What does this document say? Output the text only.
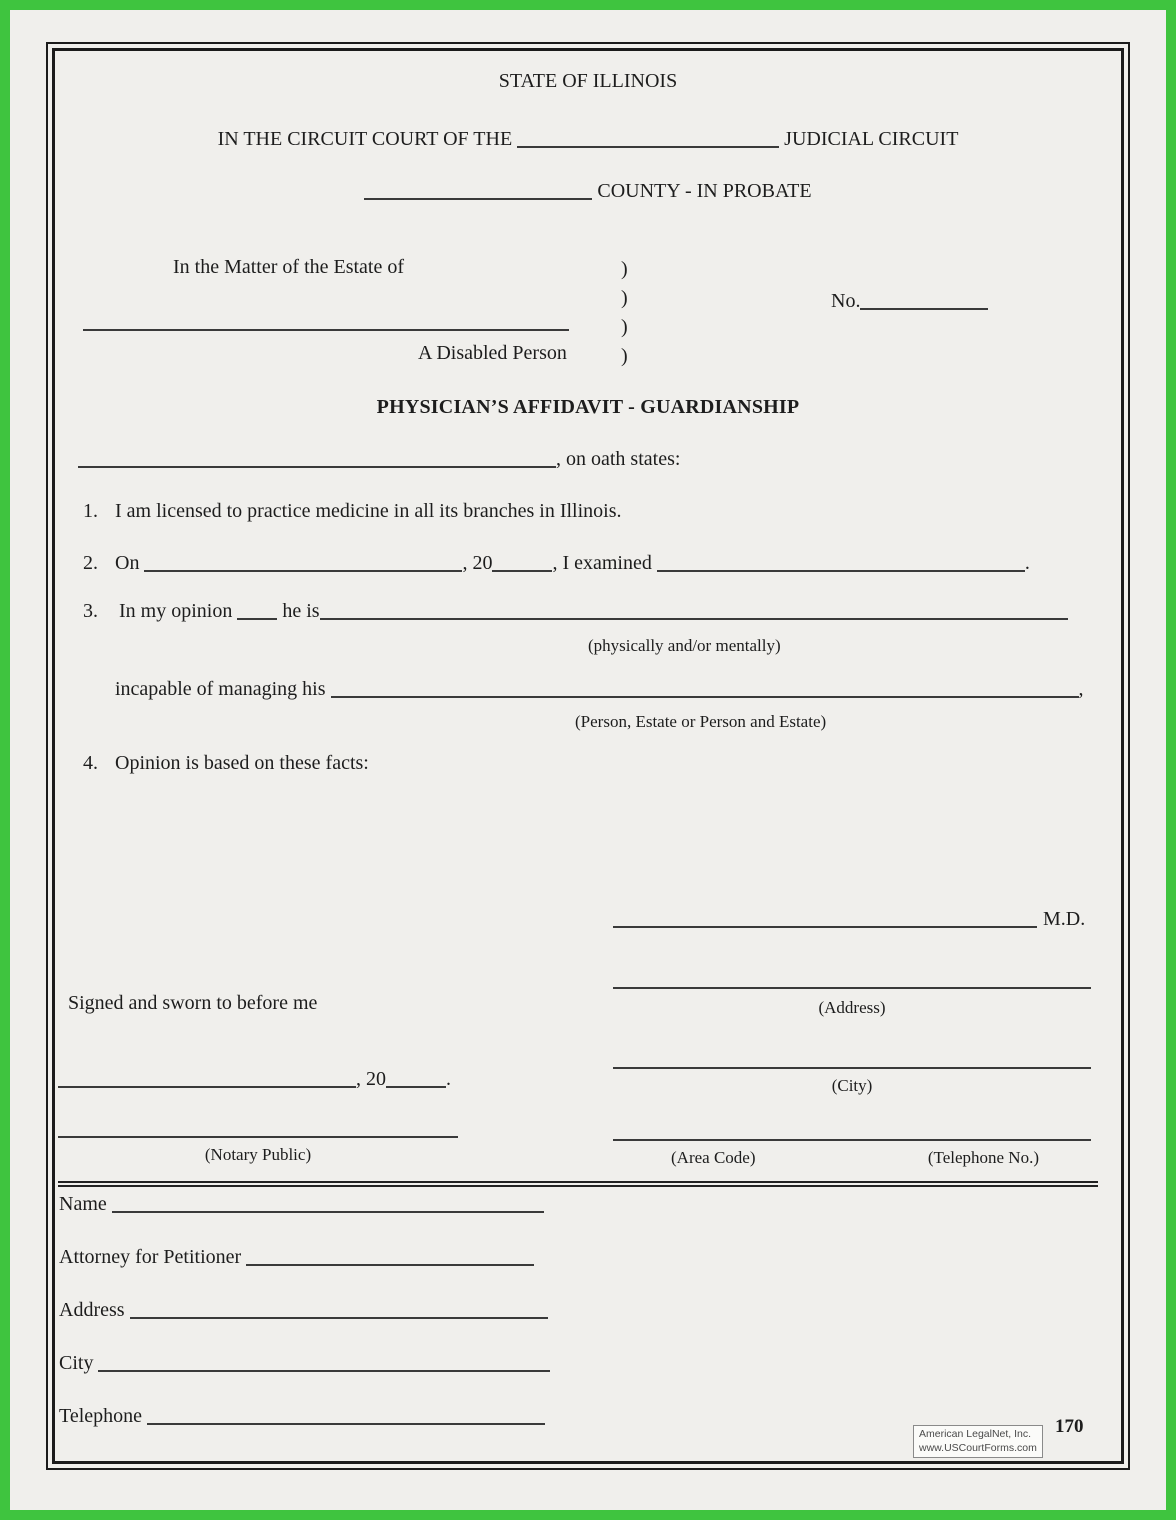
STATE OF ILLINOIS
IN THE CIRCUIT COURT OF THE	JUDICIAL CIRCUIT
COUNTY - IN PROBATE
In the Matter of the Estate of	)
)
)
)
No.
A Disabled Person
PHYSICIAN’S AFFIDAVIT - GUARDIANSHIP
, on oath states:
1. I am licensed to practice medicine in all its branches in Illinois.
2. On	, 20	, I examined	.
3. In my opinion	he is
(physically and/or mentally)
incapable of managing his	,
(Person, Estate or Person and Estate)
4. Opinion is based on these facts:
M.D.
Signed and sworn to before me	(Address)
, 20	.	(City)
(Notary Public)	(Area Code)	(Telephone No.)
Name
Attorney for Petitioner
Address
City
Telephone	170
American LegalNet, Inc.
www.USCourtForms.com
